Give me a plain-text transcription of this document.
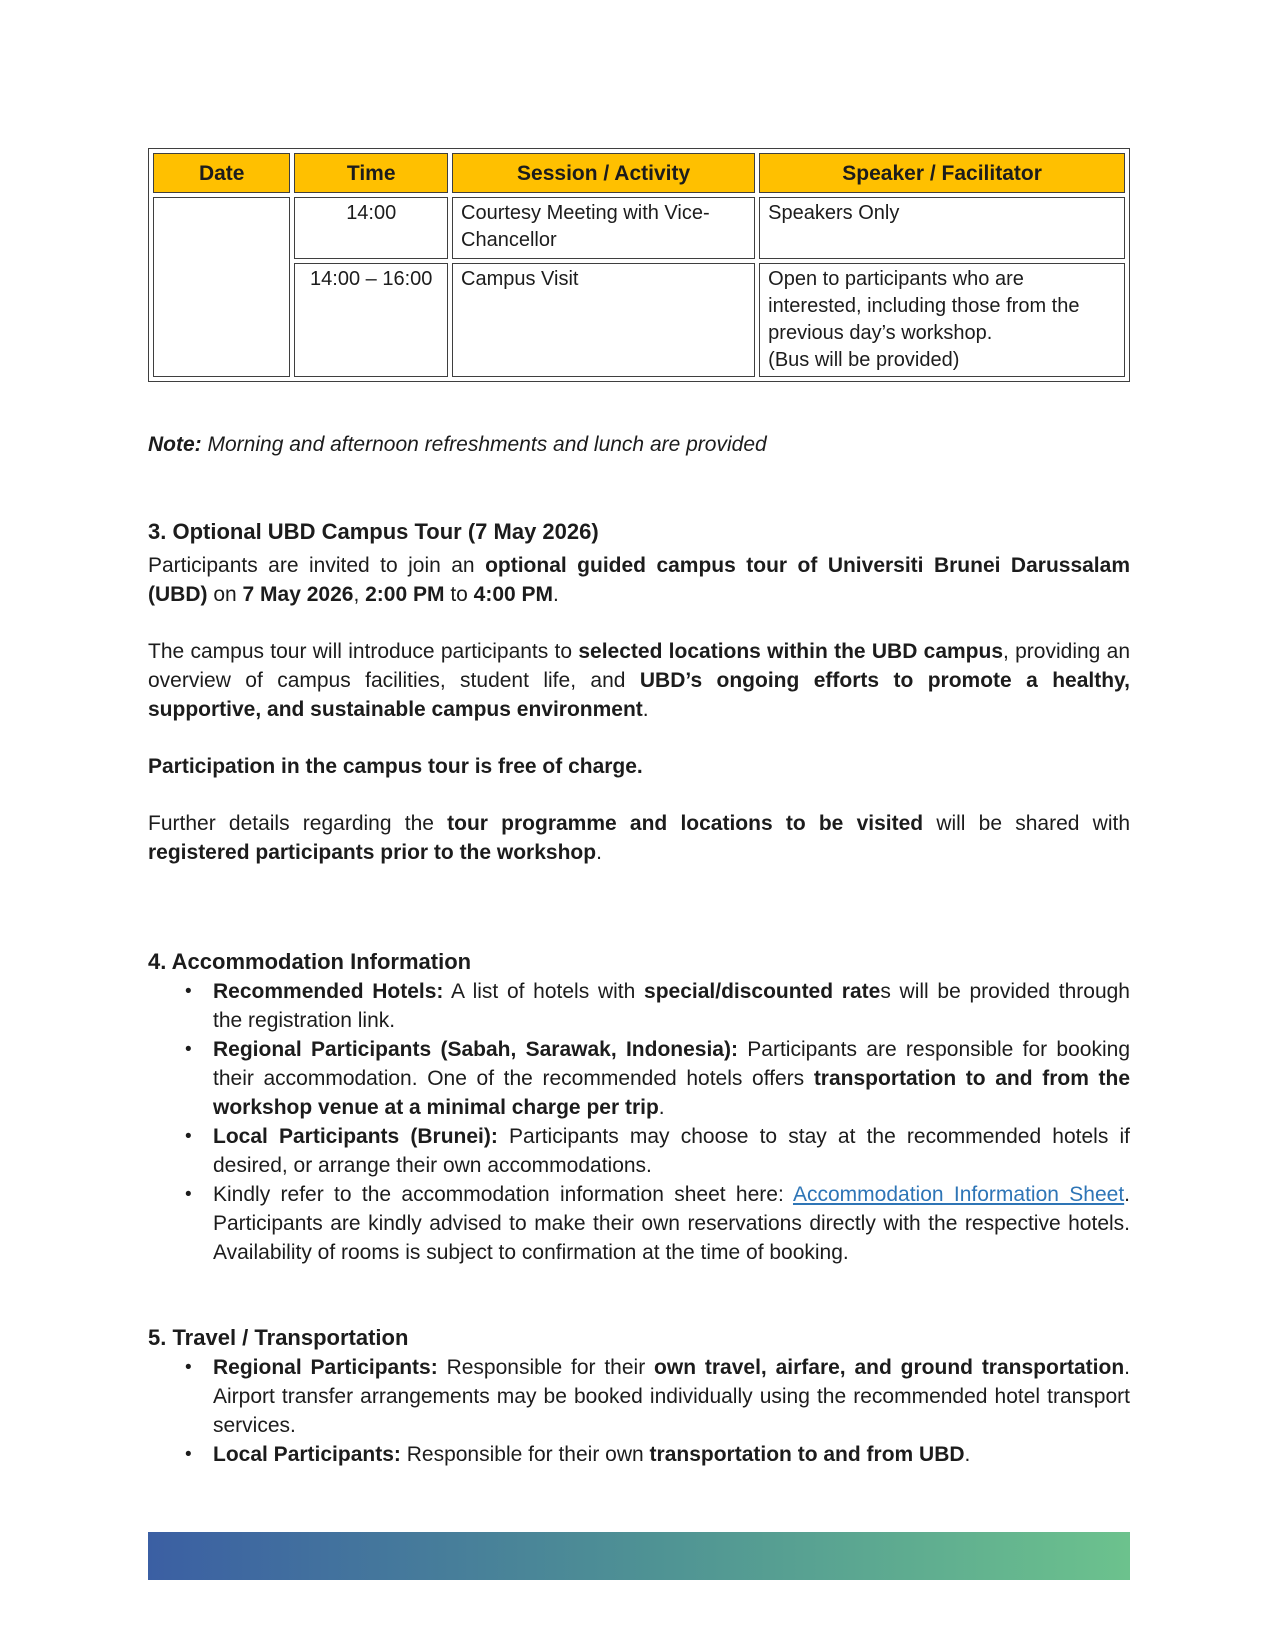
Date	Time	Session / Activity	Speaker / Facilitator
	14:00	Courtesy Meeting with Vice-Chancellor	Speakers Only

	14:00 – 16:00	Campus Visit	Open to participants who are interested, including those from the previous day’s workshop.
(Bus will be provided)

Note: Morning and afternoon refreshments and lunch are provided

3. Optional UBD Campus Tour (7 May 2026)

Participants are invited to join an optional guided campus tour of Universiti Brunei Darussalam (UBD) on 7 May 2026, 2:00 PM to 4:00 PM.

The campus tour will introduce participants to selected locations within the UBD campus, providing an overview of campus facilities, student life, and UBD’s ongoing efforts to promote a healthy, supportive, and sustainable campus environment.

Participation in the campus tour is free of charge.

Further details regarding the tour programme and locations to be visited will be shared with registered participants prior to the workshop.

4. Accommodation Information
• Recommended Hotels: A list of hotels with special/discounted rates will be provided through the registration link.
• Regional Participants (Sabah, Sarawak, Indonesia): Participants are responsible for booking their accommodation. One of the recommended hotels offers transportation to and from the workshop venue at a minimal charge per trip.
• Local Participants (Brunei): Participants may choose to stay at the recommended hotels if desired, or arrange their own accommodations.
• Kindly refer to the accommodation information sheet here: Accommodation Information Sheet. Participants are kindly advised to make their own reservations directly with the respective hotels. Availability of rooms is subject to confirmation at the time of booking.
5. Travel / Transportation
• Regional Participants: Responsible for their own travel, airfare, and ground transportation. Airport transfer arrangements may be booked individually using the recommended hotel transport services.
• Local Participants: Responsible for their own transportation to and from UBD.
